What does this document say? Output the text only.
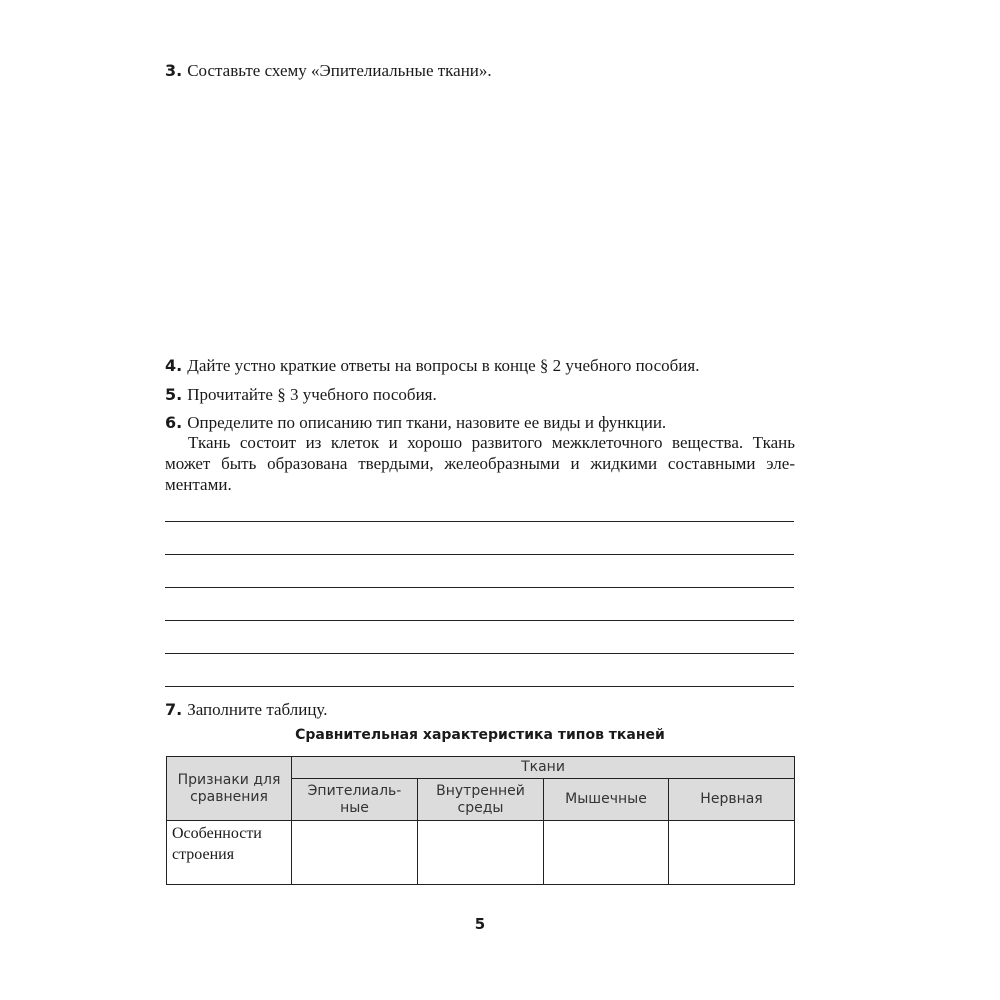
3. Составьте схему «Эпителиальные ткани».
4. Дайте устно краткие ответы на вопросы в конце § 2 учебного пособия.
5. Прочитайте § 3 учебного пособия.
6. Определите по описанию тип ткани, назовите ее виды и функции.
Ткань состоит из клеток и хорошо развитого межклеточного вещества. Ткань может быть образована твердыми, желеобразными и жидкими составными элементами.
7. Заполните таблицу.
Сравнительная характеристика типов тканей
Признаки для сравнения	Ткани			
	Эпителиаль-ные	Внутренней среды	Мышечные	Нервная
Особенности строения				
5
